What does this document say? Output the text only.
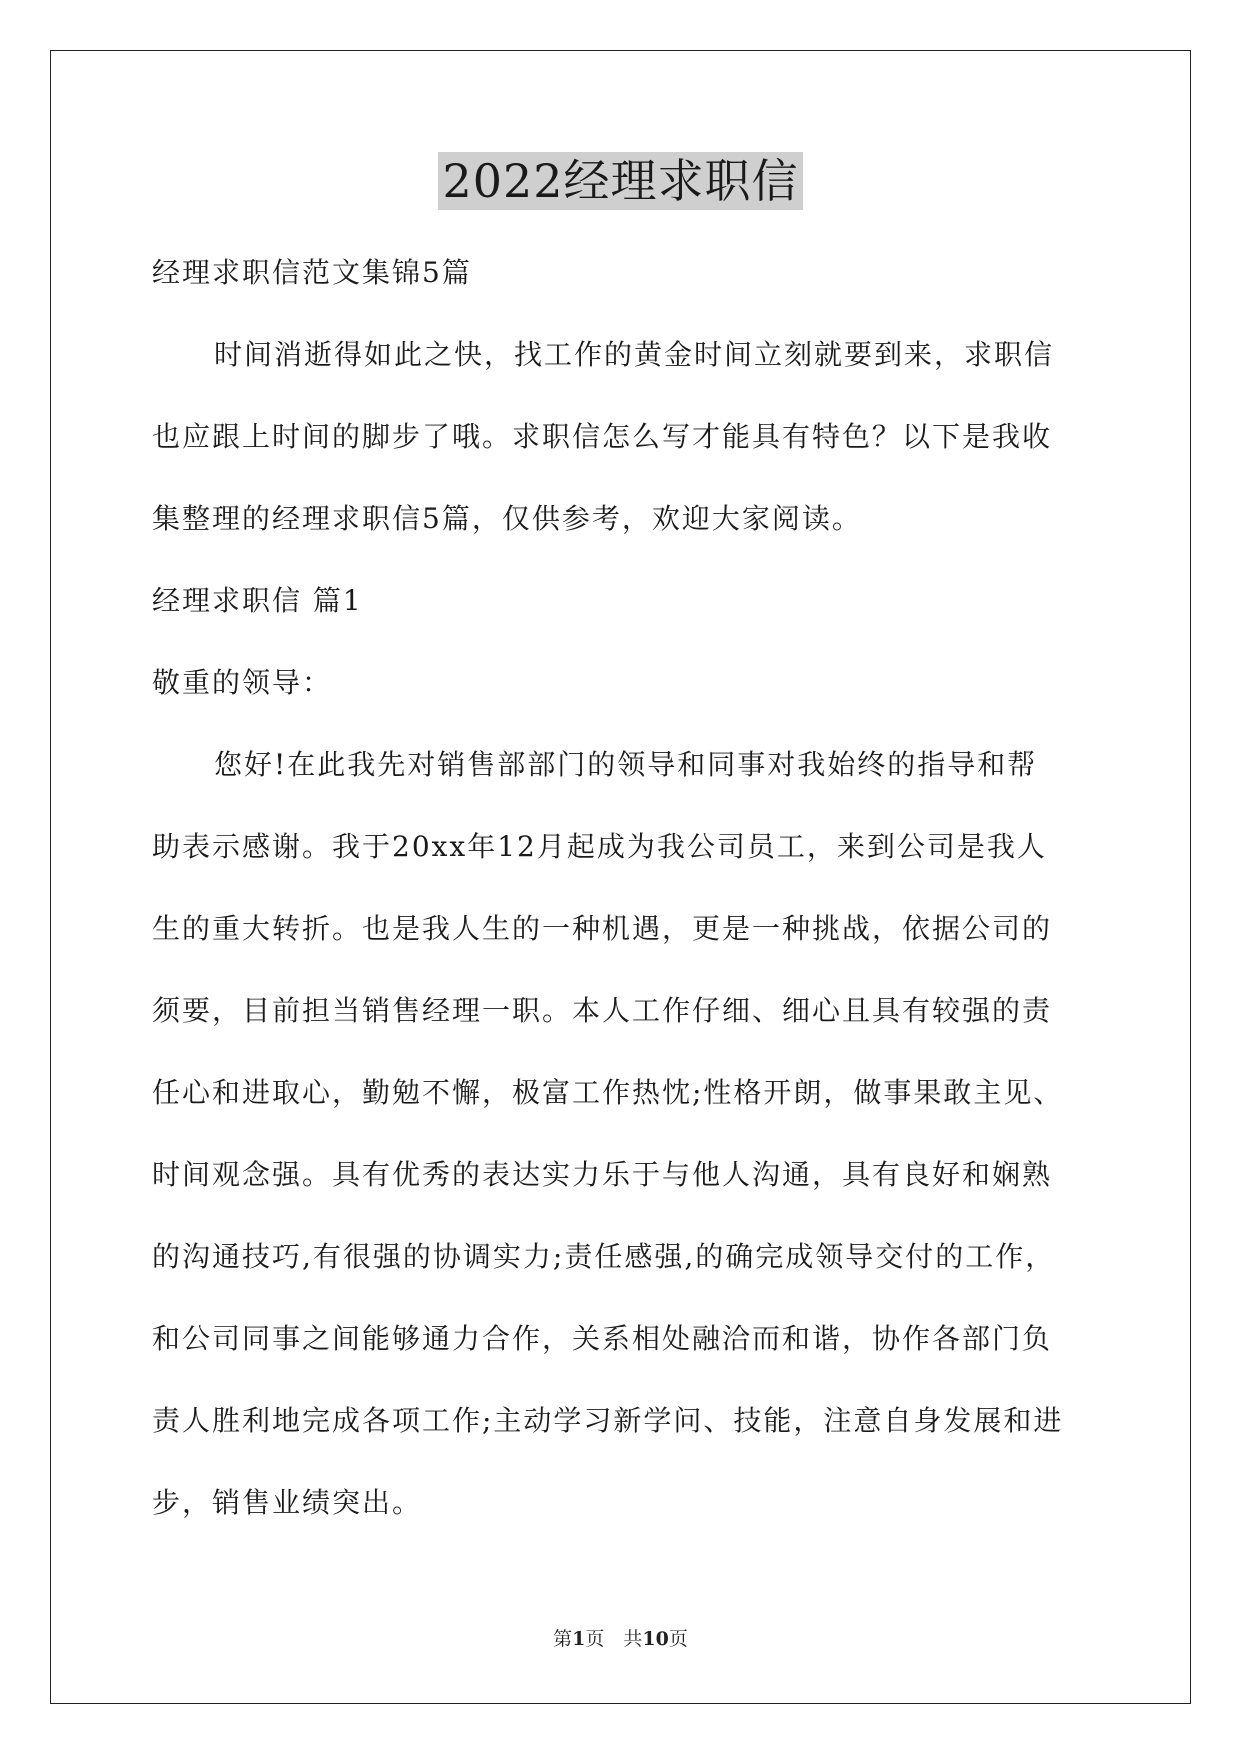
2022经理求职信
经理求职信范文集锦5篇
时间消逝得如此之快，找工作的黄金时间立刻就要到来，求职信
也应跟上时间的脚步了哦。求职信怎么写才能具有特色？以下是我收
集整理的经理求职信5篇，仅供参考，欢迎大家阅读。
经理求职信 篇1
敬重的领导：
您好!在此我先对销售部部门的领导和同事对我始终的指导和帮
助表示感谢。我于20xx年12月起成为我公司员工，来到公司是我人
生的重大转折。也是我人生的一种机遇，更是一种挑战，依据公司的
须要，目前担当销售经理一职。本人工作仔细、细心且具有较强的责
任心和进取心，勤勉不懈，极富工作热忱;性格开朗，做事果敢主见、
时间观念强。具有优秀的表达实力乐于与他人沟通，具有良好和娴熟
的沟通技巧,有很强的协调实力;责任感强,的确完成领导交付的工作，
和公司同事之间能够通力合作，关系相处融洽而和谐，协作各部门负
责人胜利地完成各项工作;主动学习新学问、技能，注意自身发展和进
步，销售业绩突出。
第1页　共10页
